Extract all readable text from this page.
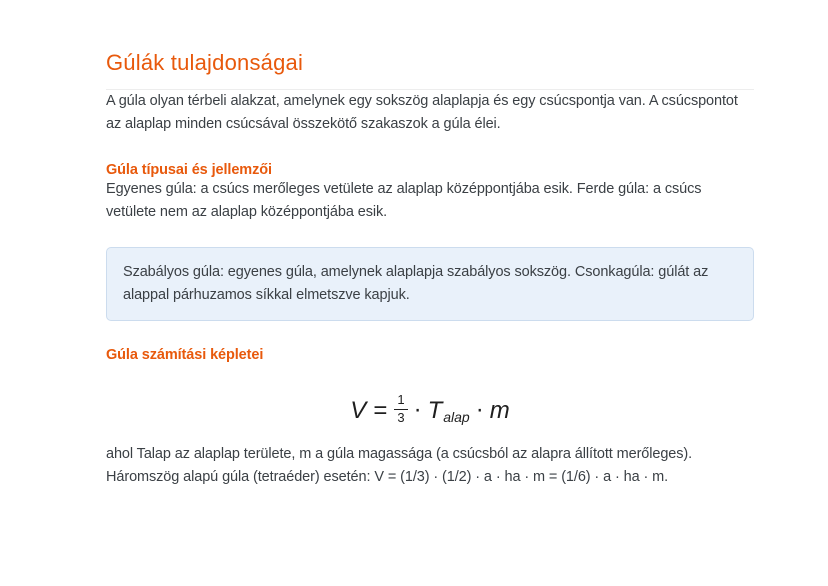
Gúlák tulajdonságai

A gúla olyan térbeli alakzat, amelynek egy sokszög alaplapja és egy csúcspontja van. A csúcspontot az alaplap minden csúcsával összekötő szakaszok a gúla élei.

Gúla típusai és jellemzői

Egyenes gúla: a csúcs merőleges vetülete az alaplap középpontjába esik. Ferde gúla: a csúcs vetülete nem az alaplap középpontjába esik.

Szabályos gúla: egyenes gúla, amelynek alaplapja szabályos sokszög. Csonkagúla: gúlát az alappal párhuzamos síkkal elmetszve kapjuk.

Gúla számítási képletei
$V = \frac{1}{3}$ · Talap · m

ahol Talap az alaplap területe, m a gúla magassága (a csúcsból az alapra állított merőleges).

Háromszög alapú gúla (tetraéder) esetén: V = (1/3) · (1/2) · a · ha · m = (1/6) · a · ha · m.
